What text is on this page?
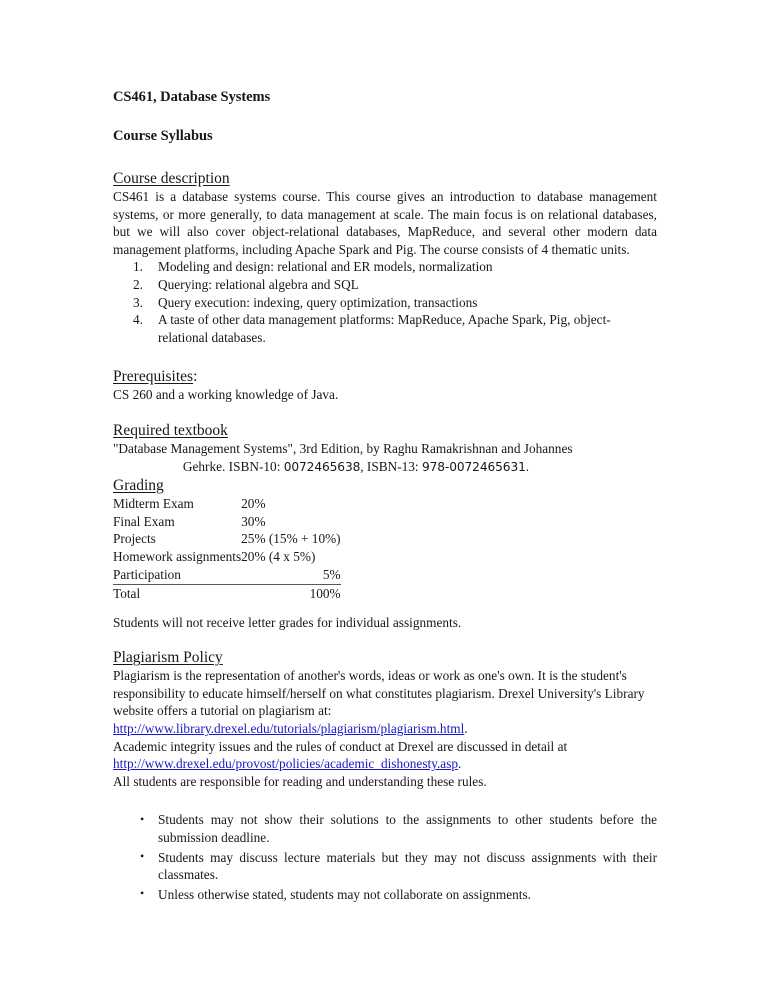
CS461, Database Systems
Course Syllabus
Course description

CS461 is a database systems course. This course gives an introduction to database management systems, or more generally, to data management at scale. The main focus is on relational databases, but we will also cover object-relational databases, MapReduce, and several other modern data management platforms, including Apache Spark and Pig. The course consists of 4 thematic units.

1.	Modeling and design: relational and ER models, normalization
2.	Querying: relational algebra and SQL
3.	Query execution: indexing, query optimization, transactions
4.	A taste of other data management platforms: MapReduce, Apache Spark, Pig, object-relational databases.
Prerequisites:

CS 260 and a working knowledge of Java.

Required textbook
"Database Management Systems", 3rd Edition, by Raghu Ramakrishnan and Johannes
Gehrke. ISBN-10: 0072465638, ISBN-13: 978-0072465631.
Grading
Midterm Exam	20%
Final Exam	30%
Projects	25% (15% + 10%)
Homework assignments	20% (4 x 5%)
Participation	5%
Total	100%

Students will not receive letter grades for individual assignments.

Plagiarism Policy

Plagiarism is the representation of another's words, ideas or work as one's own. It is the student's responsibility to educate himself/herself on what constitutes plagiarism. Drexel University's Library website offers a tutorial on plagiarism at:

http://www.library.drexel.edu/tutorials/plagiarism/plagiarism.html.

Academic integrity issues and the rules of conduct at Drexel are discussed in detail at

http://www.drexel.edu/provost/policies/academic_dishonesty.asp.

All students are responsible for reading and understanding these rules.

• Students may not show their solutions to the assignments to other students before the submission deadline.
• Students may discuss lecture materials but they may not discuss assignments with their classmates.
• Unless otherwise stated, students may not collaborate on assignments.
